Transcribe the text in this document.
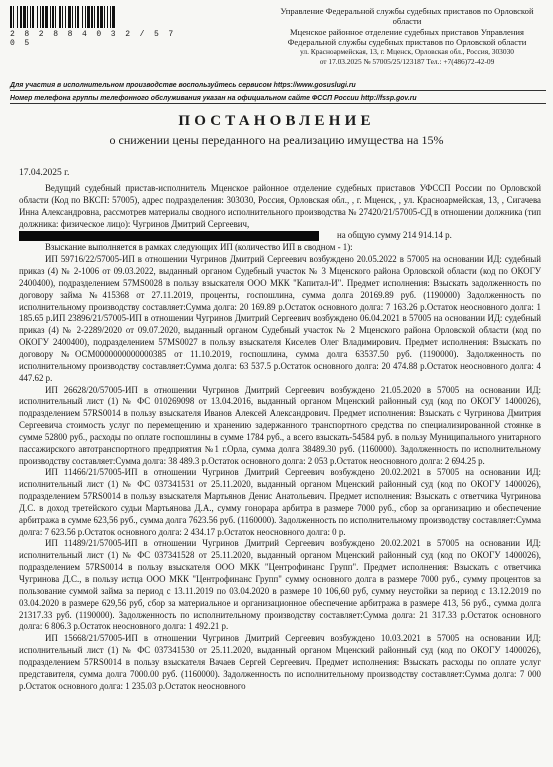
2 8 2 8 8 4 0 3 2 / 5 7 0 5
Управление Федеральной службы судебных приставов по Орловской
области
Мценское районное отделение судебных приставов Управления
Федеральной службы судебных приставов по Орловской области
ул. Красноармейская, 13, г. Мценск, Орловская обл., Россия, 303030
от 17.03.2025 № 57005/25/123187 Тел.: +7(486)72-42-09
Для участия в исполнительном производстве воспользуйтесь сервисом https://www.gosuslugi.ru
Номер телефона группы телефонного обслуживания указан на официальном сайте ФССП России http://fssp.gov.ru
ПОСТАНОВЛЕНИЕ
о снижении цены переданного на реализацию имущества на 15%
17.04.2025 г.

Ведущий судебный пристав-исполнитель Мценское районное отделение судебных приставов УФССП России по Орловской области (Код по ВКСП: 57005), адрес подразделения: 303030, Россия, Орловская обл., , г. Мценск, , ул. Красноармейская, 13, , Сигачева Инна Александровна, рассмотрев материалы сводного исполнительного производства № 27420/21/57005-СД в отношении должника (тип должника: физическое лицо): Чугринов Дмитрий Сергеевич,

на общую сумму 214 914.14 р.

Взыскание выполняется в рамках следующих ИП (количество ИП в сводном - 1):

ИП 59716/22/57005-ИП в отношении Чугринов Дмитрий Сергеевич возбуждено 20.05.2022 в 57005 на основании ИД: судебный приказ (4) № 2-1006 от 09.03.2022, выданный органом Судебный участок № 3 Мценского района Орловской области (код по ОКОГУ 2400400), подразделением 57MS0028 в пользу взыскателя ООО МКК "Капитал-И". Предмет исполнения: Взыскать задолженность по договору займа №415368 от 27.11.2019, проценты, госпошлина, сумма долга 20169.89 руб. (1190000) Задолженность по исполнительному производству составляет:Сумма долга: 20 169.89 р.Остаток основного долга: 7 163.26 р.Остаток неосновного долга: 1 185.65 р.ИП 23896/21/57005-ИП в отношении Чугринов Дмитрий Сергеевич возбуждено 06.04.2021 в 57005 на основании ИД: судебный приказ (4) № 2-2289/2020 от 09.07.2020, выданный органом Судебный участок № 2 Мценского района Орловской области (код по ОКОГУ 2400400), подразделением 57MS0027 в пользу взыскателя Киселев Олег Владимирович. Предмет исполнения: Взыскать по договору №ОСМ0000000000000385 от 11.10.2019, госпошлина, сумма долга 63537.50 руб. (1190000). Задолженность по исполнительному производству составляет:Сумма долга: 63 537.5 р.Остаток основного долга: 20 474.88 р.Остаток неосновного долга: 4 447.62 р.

ИП 26628/20/57005-ИП в отношении Чугринов Дмитрий Сергеевич возбуждено 21.05.2020 в 57005 на основании ИД: исполнительный лист (1) № ФС 010269098 от 13.04.2016, выданный органом Мценский районный суд (код по ОКОГУ 1400026), подразделением 57RS0014 в пользу взыскателя Иванов Алексей Александрович. Предмет исполнения: Взыскать с Чугринова Дмитрия Сергеевича стоимость услуг по перемещению и хранению задержанного транспортного средства по специализированной стоянке в сумме 52800 руб., расходы по оплате госпошлины в сумме 1784 руб., а всего взыскать-54584 руб. в пользу Муниципального унитарного пассажирского автотранспортного предприятия №1 г.Орла, сумма долга 38489.30 руб. (1160000). Задолженность по исполнительному производству составляет:Сумма долга: 38 489.3 р.Остаток основного долга: 2 053 р.Остаток неосновного долга: 2 694.25 р.

ИП 11466/21/57005-ИП в отношении Чугринов Дмитрий Сергеевич возбуждено 20.02.2021 в 57005 на основании ИД: исполнительный лист (1) № ФС 037341531 от 25.11.2020, выданный органом Мценский районный суд (код по ОКОГУ 1400026), подразделением 57RS0014 в пользу взыскателя Мартьянов Денис Анатольевич. Предмет исполнения: Взыскать с ответчика Чугринова Д.С. в доход третейского судьи Мартьянова Д.А., сумму гонорара арбитра в размере 7000 руб., сбор за организацию и обеспечение арбитража в сумме 623,56 руб., сумма долга 7623.56 руб. (1160000). Задолженность по исполнительному производству составляет:Сумма долга: 7 623.56 р.Остаток основного долга: 2 434.17 р.Остаток неосновного долга: 0 р.

ИП 11489/21/57005-ИП в отношении Чугринов Дмитрий Сергеевич возбуждено 20.02.2021 в 57005 на основании ИД: исполнительный лист (1) № ФС 037341528 от 25.11.2020, выданный органом Мценский районный суд (код по ОКОГУ 1400026), подразделением 57RS0014 в пользу взыскателя ООО МКК "Центрофинанс Групп". Предмет исполнения: Взыскать с ответчика Чугринова Д.С., в пользу истца ООО МКК "Центрофинанс Групп" сумму основного долга в размере 7000 руб., сумму процентов за пользование суммой займа за период с 13.11.2019 по 03.04.2020 в размере 10 106,60 руб, сумму неустойки за период с 13.12.2019 по 03.04.2020 в размере 629,56 руб, сбор за материальное и организационное обеспечение арбитража в размере 413, 56 руб., сумма долга 21317.33 руб. (1190000). Задолженность по исполнительному производству составляет:Сумма долга: 21 317.33 р.Остаток основного долга: 6 806.3 р.Остаток неосновного долга: 1 492.21 р.

ИП 15668/21/57005-ИП в отношении Чугринов Дмитрий Сергеевич возбуждено 10.03.2021 в 57005 на основании ИД: исполнительный лист (1) № ФС 037341530 от 25.11.2020, выданный органом Мценский районный суд (код по ОКОГУ 1400026), подразделением 57RS0014 в пользу взыскателя Вачаев Сергей Сергеевич. Предмет исполнения: Взыскать расходы по оплате услуг представителя, сумма долга 7000.00 руб. (1160000). Задолженность по исполнительному производству составляет:Сумма долга: 7 000 р.Остаток основного долга: 1 235.03 р.Остаток неосновного
